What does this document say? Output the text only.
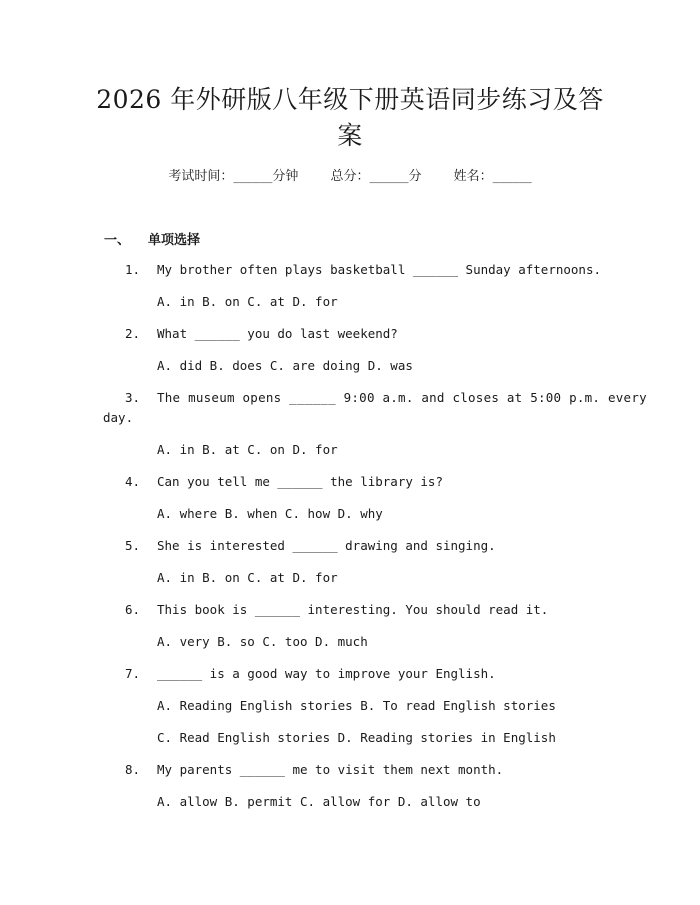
2026 年外研版八年级下册英语同步练习及答
案
考试时间：______分钟 总分：______分 姓名：______
一、 单项选择
1. My brother often plays basketball ______ Sunday afternoons.
A. in B. on C. at D. for
2. What ______ you do last weekend?
A. did B. does C. are doing D. was
3. The museum opens ______ 9:00 a.m. and closes at 5:00 p.m. every
day.
A. in B. at C. on D. for
4. Can you tell me ______ the library is?
A. where B. when C. how D. why
5. She is interested ______ drawing and singing.
A. in B. on C. at D. for
6. This book is ______ interesting. You should read it.
A. very B. so C. too D. much
7. ______ is a good way to improve your English.
A. Reading English stories B. To read English stories
C. Read English stories D. Reading stories in English
8. My parents ______ me to visit them next month.
A. allow B. permit C. allow for D. allow to
